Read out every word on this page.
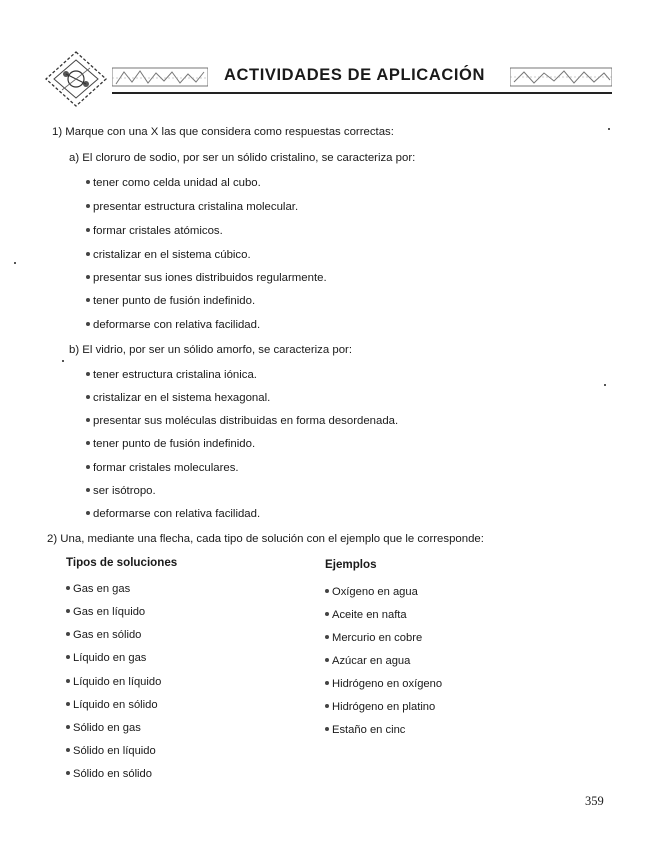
ACTIVIDADES DE APLICACIÓN
1) Marque con una X las que considera como respuestas correctas:
a) El cloruro de sodio, por ser un sólido cristalino, se caracteriza por:
tener como celda unidad al cubo.
presentar estructura cristalina molecular.
formar cristales atómicos.
cristalizar en el sistema cúbico.
presentar sus iones distribuidos regularmente.
tener punto de fusión indefinido.
deformarse con relativa facilidad.
b) El vidrio, por ser un sólido amorfo, se caracteriza por:
tener estructura cristalina iónica.
cristalizar en el sistema hexagonal.
presentar sus moléculas distribuidas en forma desordenada.
tener punto de fusión indefinido.
formar cristales moleculares.
ser isótropo.
deformarse con relativa facilidad.
2) Una, mediante una flecha, cada tipo de solución con el ejemplo que le corresponde:
Tipos de soluciones	Ejemplos
Gas en gas
Gas en líquido
Gas en sólido
Líquido en gas
Líquido en líquido
Líquido en sólido
Sólido en gas
Sólido en líquido
Sólido en sólido
Oxígeno en agua
Aceite en nafta
Mercurio en cobre
Azúcar en agua
Hidrógeno en oxígeno
Hidrógeno en platino
Estaño en cinc
359
